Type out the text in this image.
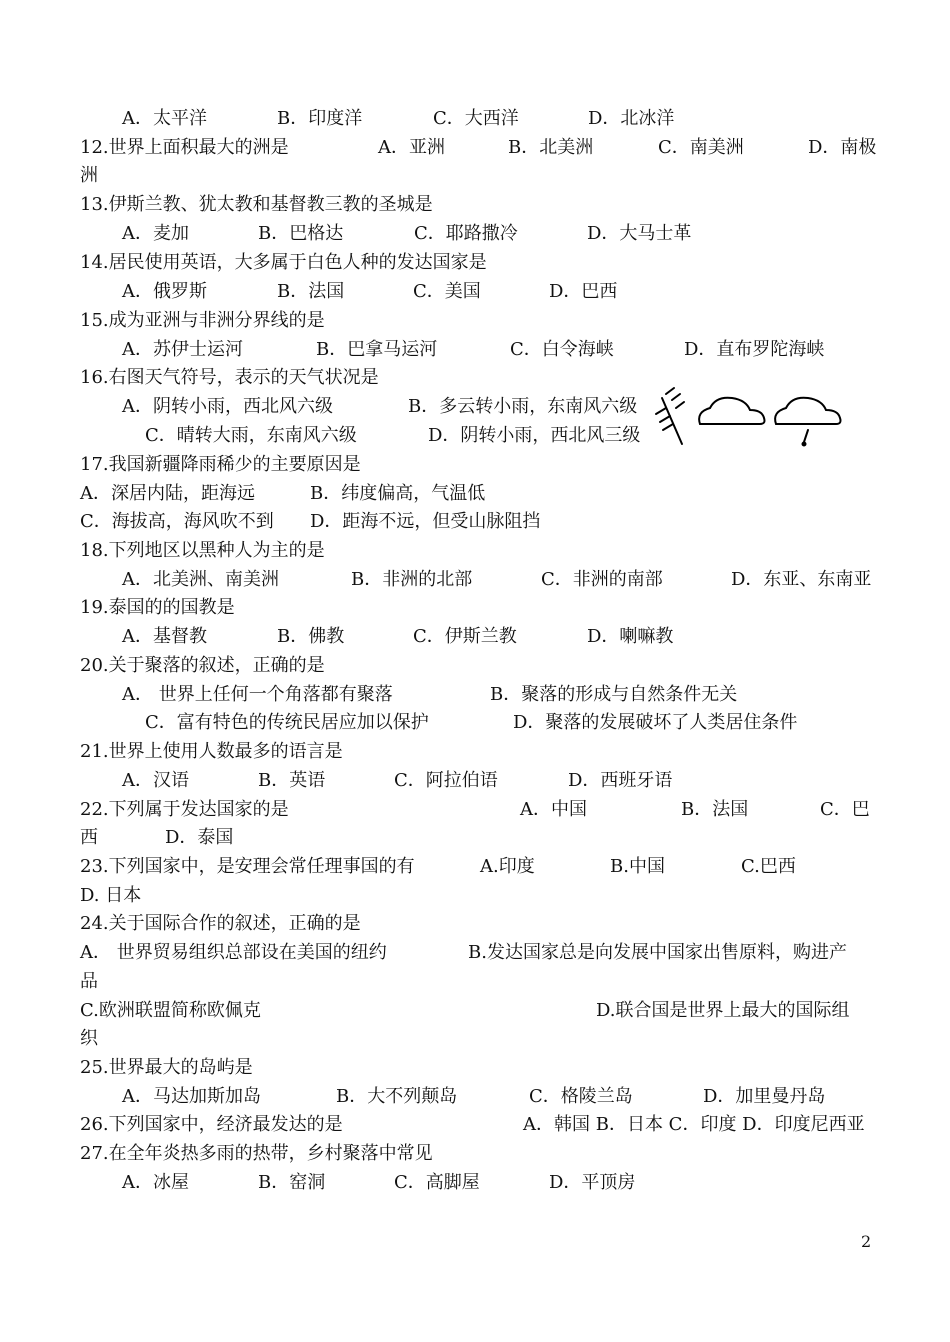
A．太平洋	B．印度洋	C．大西洋	D．北冰洋
12.世界上面积最大的洲是	A．亚洲	B．北美洲	C．南美洲	D．南极
洲
13.伊斯兰教、犹太教和基督教三教的圣城是
A．麦加	B．巴格达	C．耶路撒冷	D．大马士革
14.居民使用英语，大多属于白色人种的发达国家是
A．俄罗斯	B．法国	C．美国	D．巴西
15.成为亚洲与非洲分界线的是
A．苏伊士运河	B．巴拿马运河	C．白令海峡	D．直布罗陀海峡
16.右图天气符号，表示的天气状况是
A．阴转小雨，西北风六级	B．多云转小雨，东南风六级
C．晴转大雨，东南风六级	D．阴转小雨，西北风三级
17.我国新疆降雨稀少的主要原因是
A．深居内陆，距海远	B．纬度偏高，气温低
C．海拔高，海风吹不到 D．距海不远，但受山脉阻挡
18.下列地区以黑种人为主的是
A．北美洲、南美洲	B．非洲的北部	C．非洲的南部	D．东亚、东南亚
19.泰国的的国教是
A．基督教	B．佛教	C．伊斯兰教	D．喇嘛教
20.关于聚落的叙述，正确的是
A． 世界上任何一个角落都有聚落	B．聚落的形成与自然条件无关
C．富有特色的传统民居应加以保护	D．聚落的发展破坏了人类居住条件
21.世界上使用人数最多的语言是
A．汉语	B．英语	C．阿拉伯语	D．西班牙语
22.下列属于发达国家的是	A．中国	B．法国	C．巴
西	D．泰国
23.下列国家中，是安理会常任理事国的有	A.印度	B.中国	C.巴西
D. 日本
24.关于国际合作的叙述，正确的是
A． 世界贸易组织总部设在美国的纽约	B.发达国家总是向发展中国家出售原料，购进产
品
C.欧洲联盟简称欧佩克	D.联合国是世界上最大的国际组
织
25.世界最大的岛屿是
A．马达加斯加岛	B．大不列颠岛	C．格陵兰岛	D．加里曼丹岛
26.下列国家中，经济最发达的是	A．韩国 B．日本 C．印度 D．印度尼西亚
27.在全年炎热多雨的热带，乡村聚落中常见
A．冰屋	B．窑洞	C．高脚屋	D．平顶房
2
